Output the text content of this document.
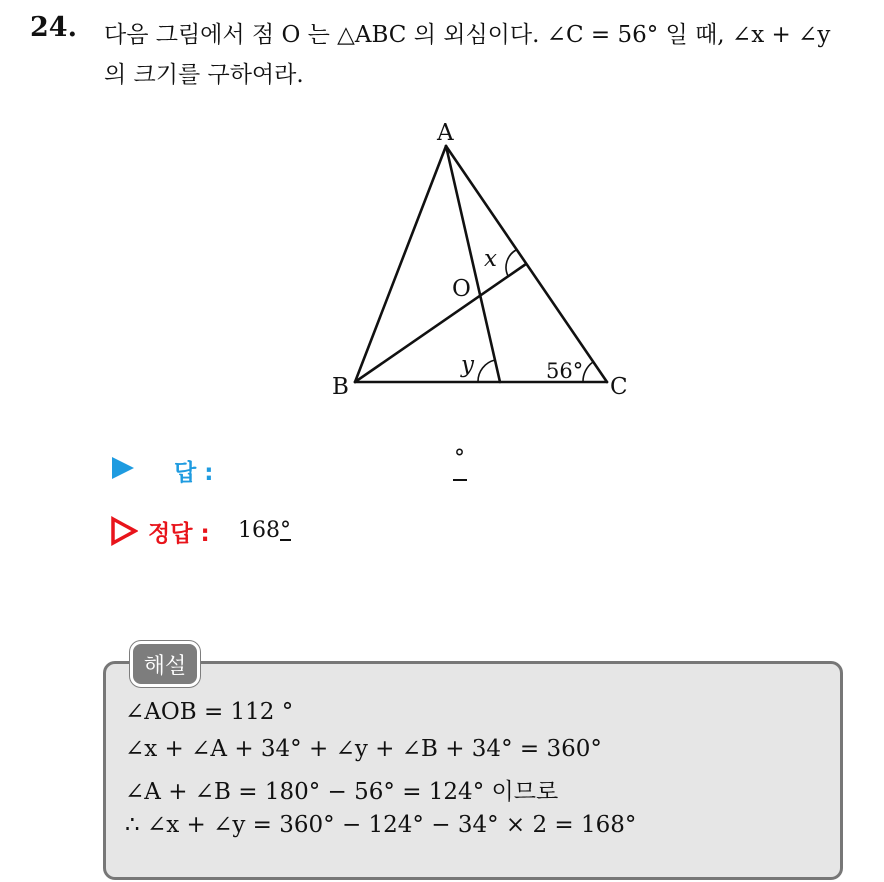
24. 다음 그림에서 점 O 는 △ABC 의 외심이다. ∠C = 56° 일 때, ∠x + ∠y
의 크기를 구하여라.
A
B	C
O
x
y	56°
답 :
°
정답 : 168°
해설
∠AOB = 112 °
∠x + ∠A + 34° + ∠y + ∠B + 34° = 360°
∠A + ∠B = 180° − 56° = 124° 이므로
∴ ∠x + ∠y = 360° − 124° − 34° × 2 = 168°
